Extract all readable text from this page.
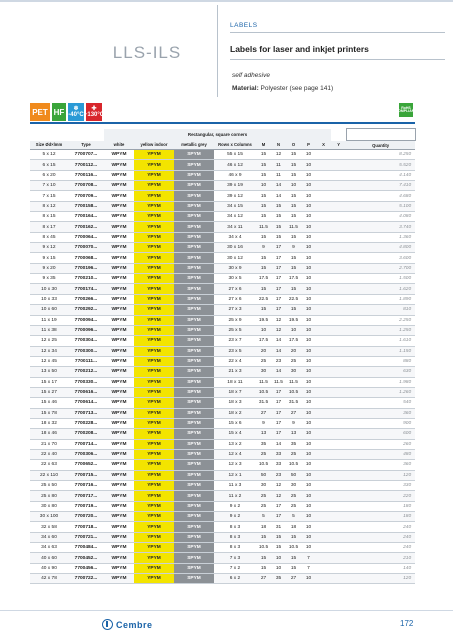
LLS-ILS
LABELS
Labels for laser and inkjet printers
self adhesive
Material: Polyester (see page 141)
PET HF ❄
-40°C
✚
+130°C
RoHS COMPLIANT
		Rectangular, square corners										
Size Ød×lmm	Type	white	yellow indoor	metallic grey	Rows x Columns	M	N	O	P	X	Y	Quantity
5 x 12	7700707...	WPYM	YPYM	SPYM	55 x 15	15	12	15	10			8.250
6 x 15	7700112...	WPYM	YPYM	SPYM	46 x 12	15	11	15	10			5.520
6 x 20	7700116...	WPYM	YPYM	SPYM	46 x 9	15	11	15	10			4.140
7 x 10	7700708...	WPYM	YPYM	SPYM	39 x 19	10	14	10	10			7.410
7 x 15	7700709...	WPYM	YPYM	SPYM	39 x 12	15	14	15	10			4.680
8 x 12	7700158...	WPYM	YPYM	SPYM	34 x 15	15	15	15	10			5.100
8 x 15	7700164...	WPYM	YPYM	SPYM	34 x 12	15	15	15	10			4.080
8 x 17	7700162...	WPYM	YPYM	SPYM	34 x 11	11.5	15	11.5	10			3.740
8 x 45	7700064...	WPYM	YPYM	SPYM	34 x 4	15	15	15	10			1.360
9 x 12	7700070...	WPYM	YPYM	SPYM	30 x 16	9	17	9	10			4.800
9 x 15	7700068...	WPYM	YPYM	SPYM	30 x 12	15	17	15	10			3.600
9 x 20	7700196...	WPYM	YPYM	SPYM	30 x 9	15	17	15	10			2.700
9 x 35	7700210...	WPYM	YPYM	SPYM	30 x 5	17.5	17	17.5	10			1.500
10 x 30	7700174...	WPYM	YPYM	SPYM	27 x 6	15	17	15	10			1.620
10 x 33	7700266...	WPYM	YPYM	SPYM	27 x 6	22.5	17	22.5	10			1.890
10 x 60	7700292...	WPYM	YPYM	SPYM	27 x 3	15	17	15	10			810
11 x 19	7700094...	WPYM	YPYM	SPYM	25 x 9	19.5	12	19.5	10			2.250
11 x 38	7700096...	WPYM	YPYM	SPYM	25 x 5	10	12	10	10			1.250
12 x 25	7700304...	WPYM	YPYM	SPYM	23 x 7	17.5	14	17.5	10			1.610
12 x 34	7700300...	WPYM	YPYM	SPYM	23 x 5	20	14	20	10			1.150
12 x 45	7700111...	WPYM	YPYM	SPYM	22 x 4	25	23	25	10			880
13 x 50	7700212...	WPYM	YPYM	SPYM	21 x 3	30	14	30	10			630
15 x 17	7700330...	WPYM	YPYM	SPYM	18 x 11	11.5	11.5	11.5	10			1.980
15 x 27	7700616...	WPYM	YPYM	SPYM	18 x 7	10.5	17	10.5	10			1.260
15 x 46	7700614...	WPYM	YPYM	SPYM	18 x 3	31.5	17	31.5	10			540
15 x 78	7700713...	WPYM	YPYM	SPYM	18 x 2	27	17	27	10			360
18 x 32	7700228...	WPYM	YPYM	SPYM	15 x 6	9	17	9	10			900
18 x 46	7700208...	WPYM	YPYM	SPYM	15 x 4	13	17	13	10			600
21 x 70	7700714...	WPYM	YPYM	SPYM	13 x 2	35	14	35	10			260
22 x 40	7700306...	WPYM	YPYM	SPYM	12 x 4	25	33	25	10			480
22 x 63	7700652...	WPYM	YPYM	SPYM	12 x 3	10.5	33	10.5	10			360
22 x 110	7700715...	WPYM	YPYM	SPYM	12 x 1	50	23	50	10			120
25 x 50	7700716...	WPYM	YPYM	SPYM	11 x 3	30	12	30	10			330
25 x 80	7700717...	WPYM	YPYM	SPYM	11 x 2	25	12	25	10			220
30 x 80	7700719...	WPYM	YPYM	SPYM	9 x 2	25	17	25	10			180
30 x 100	7700720...	WPYM	YPYM	SPYM	9 x 2	5	17	5	10			180
32 x 58	7700718...	WPYM	YPYM	SPYM	8 x 3	18	31	18	10			240
34 x 60	7700721...	WPYM	YPYM	SPYM	8 x 3	15	15	15	10			240
34 x 63	7700484...	WPYM	YPYM	SPYM	8 x 3	10.5	15	10.5	10			240
40 x 60	7700452...	WPYM	YPYM	SPYM	7 x 3	15	10	15	7			210
40 x 90	7700456...	WPYM	YPYM	SPYM	7 x 2	15	10	15	7			140
42 x 78	7700722...	WPYM	YPYM	SPYM	6 x 2	27	35	27	10			120
Cembre	172
